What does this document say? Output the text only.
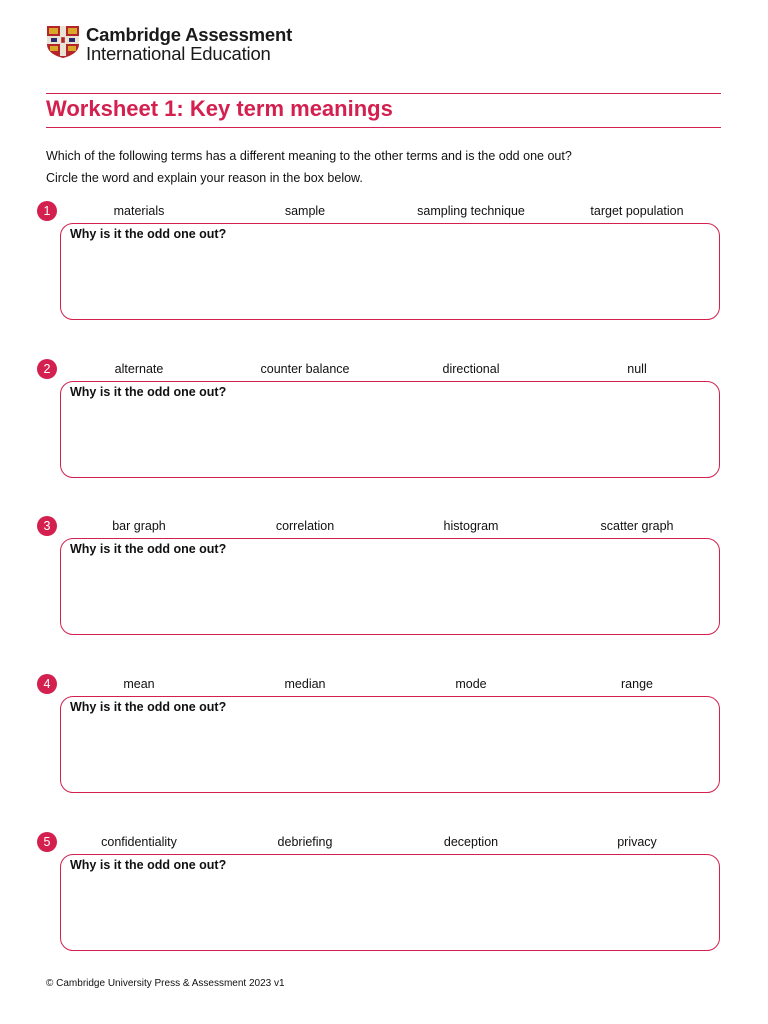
Cambridge Assessment
International Education
Worksheet 1: Key term meanings
Which of the following terms has a different meaning to the other terms and is the odd one out?
Circle the word and explain your reason in the box below.
1	materials	sample	sampling technique	target population
Why is it the odd one out?
2	alternate	counter balance	directional	null
Why is it the odd one out?
3	bar graph	correlation	histogram	scatter graph
Why is it the odd one out?
4	mean	median	mode	range
Why is it the odd one out?
5	confidentiality	debriefing	deception	privacy
Why is it the odd one out?
© Cambridge University Press & Assessment 2023 v1
